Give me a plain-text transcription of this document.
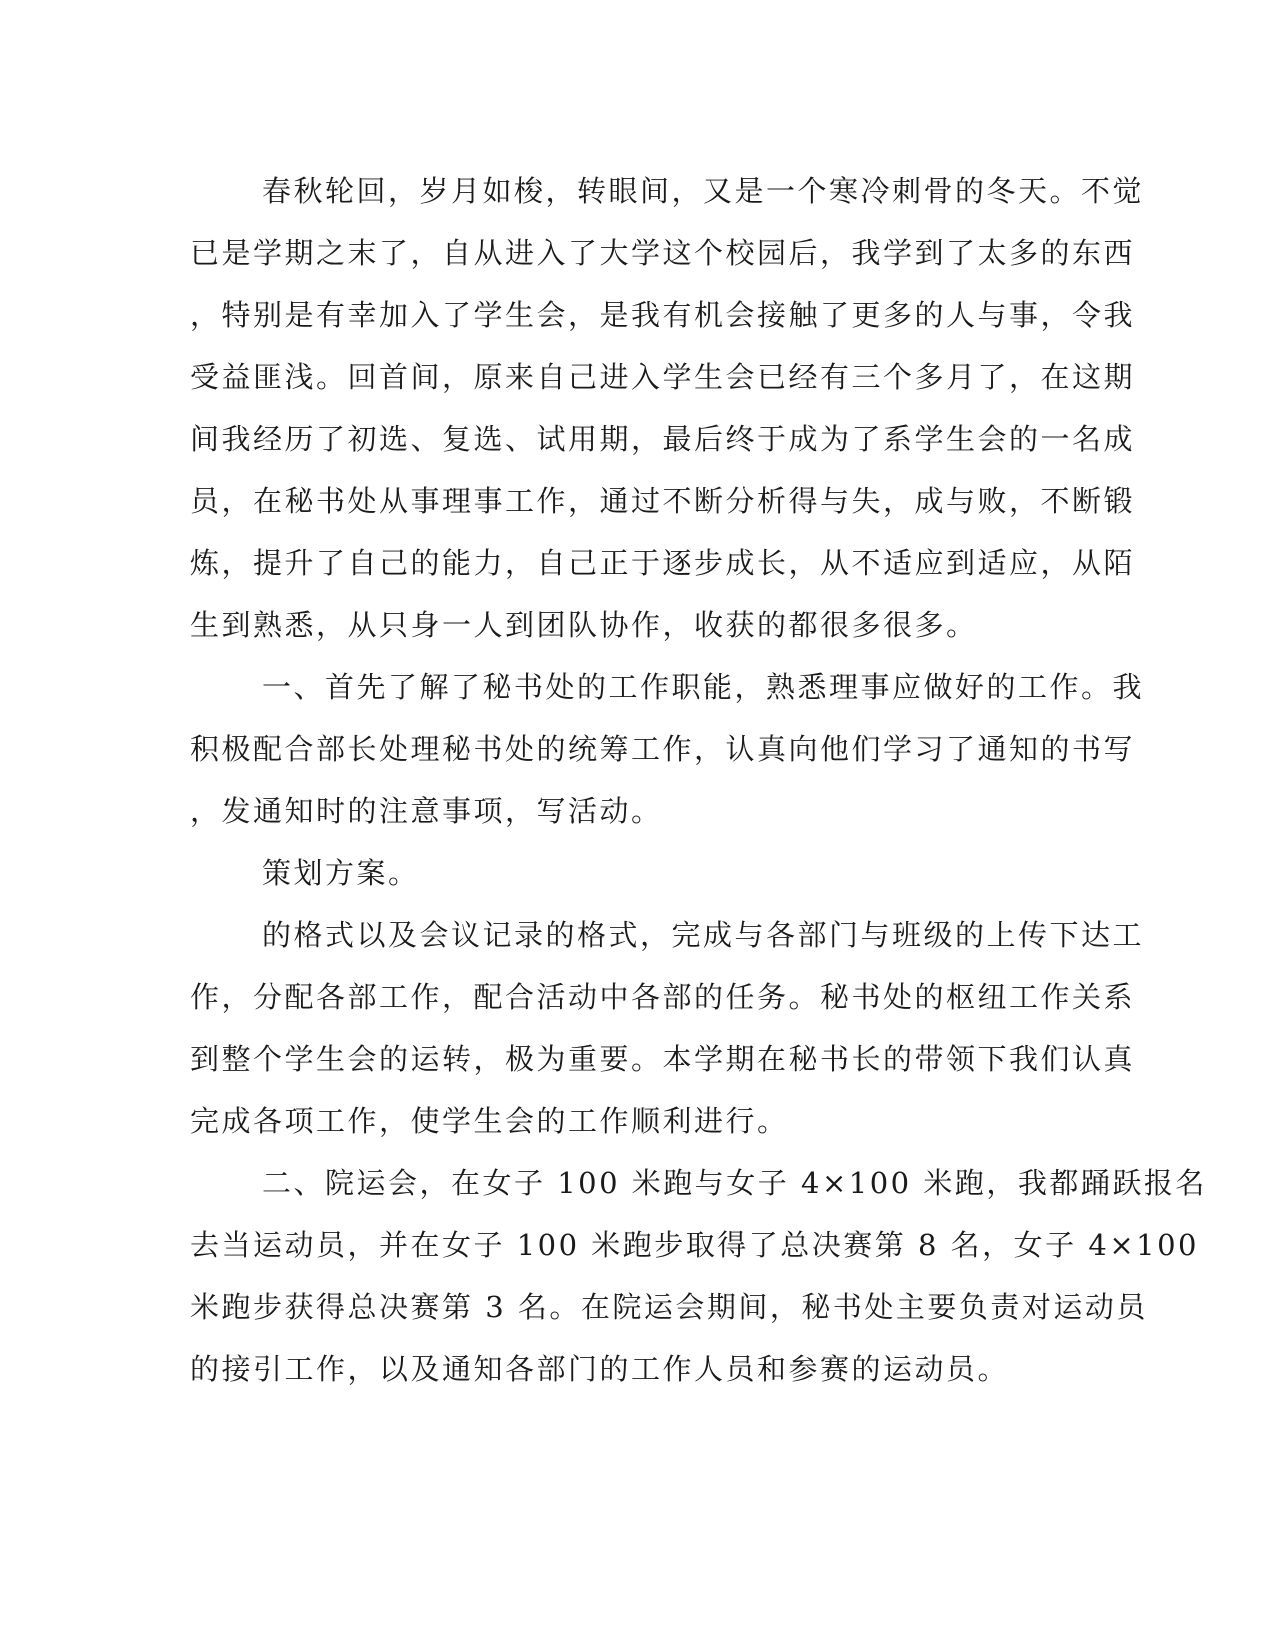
春秋轮回，岁月如梭，转眼间，又是一个寒冷刺骨的冬天。不觉
已是学期之末了，自从进入了大学这个校园后，我学到了太多的东西
，特别是有幸加入了学生会，是我有机会接触了更多的人与事，令我
受益匪浅。回首间，原来自己进入学生会已经有三个多月了，在这期
间我经历了初选、复选、试用期，最后终于成为了系学生会的一名成
员，在秘书处从事理事工作，通过不断分析得与失，成与败，不断锻
炼，提升了自己的能力，自己正于逐步成长，从不适应到适应，从陌
生到熟悉，从只身一人到团队协作，收获的都很多很多。
一、首先了解了秘书处的工作职能，熟悉理事应做好的工作。我
积极配合部长处理秘书处的统筹工作，认真向他们学习了通知的书写
，发通知时的注意事项，写活动。
策划方案。
的格式以及会议记录的格式，完成与各部门与班级的上传下达工
作，分配各部工作，配合活动中各部的任务。秘书处的枢纽工作关系
到整个学生会的运转，极为重要。本学期在秘书长的带领下我们认真
完成各项工作，使学生会的工作顺利进行。
二、院运会，在女子 100 米跑与女子 4×100 米跑，我都踊跃报名
去当运动员，并在女子 100 米跑步取得了总决赛第 8 名，女子 4×100
米跑步获得总决赛第 3 名。在院运会期间，秘书处主要负责对运动员
的接引工作，以及通知各部门的工作人员和参赛的运动员。
